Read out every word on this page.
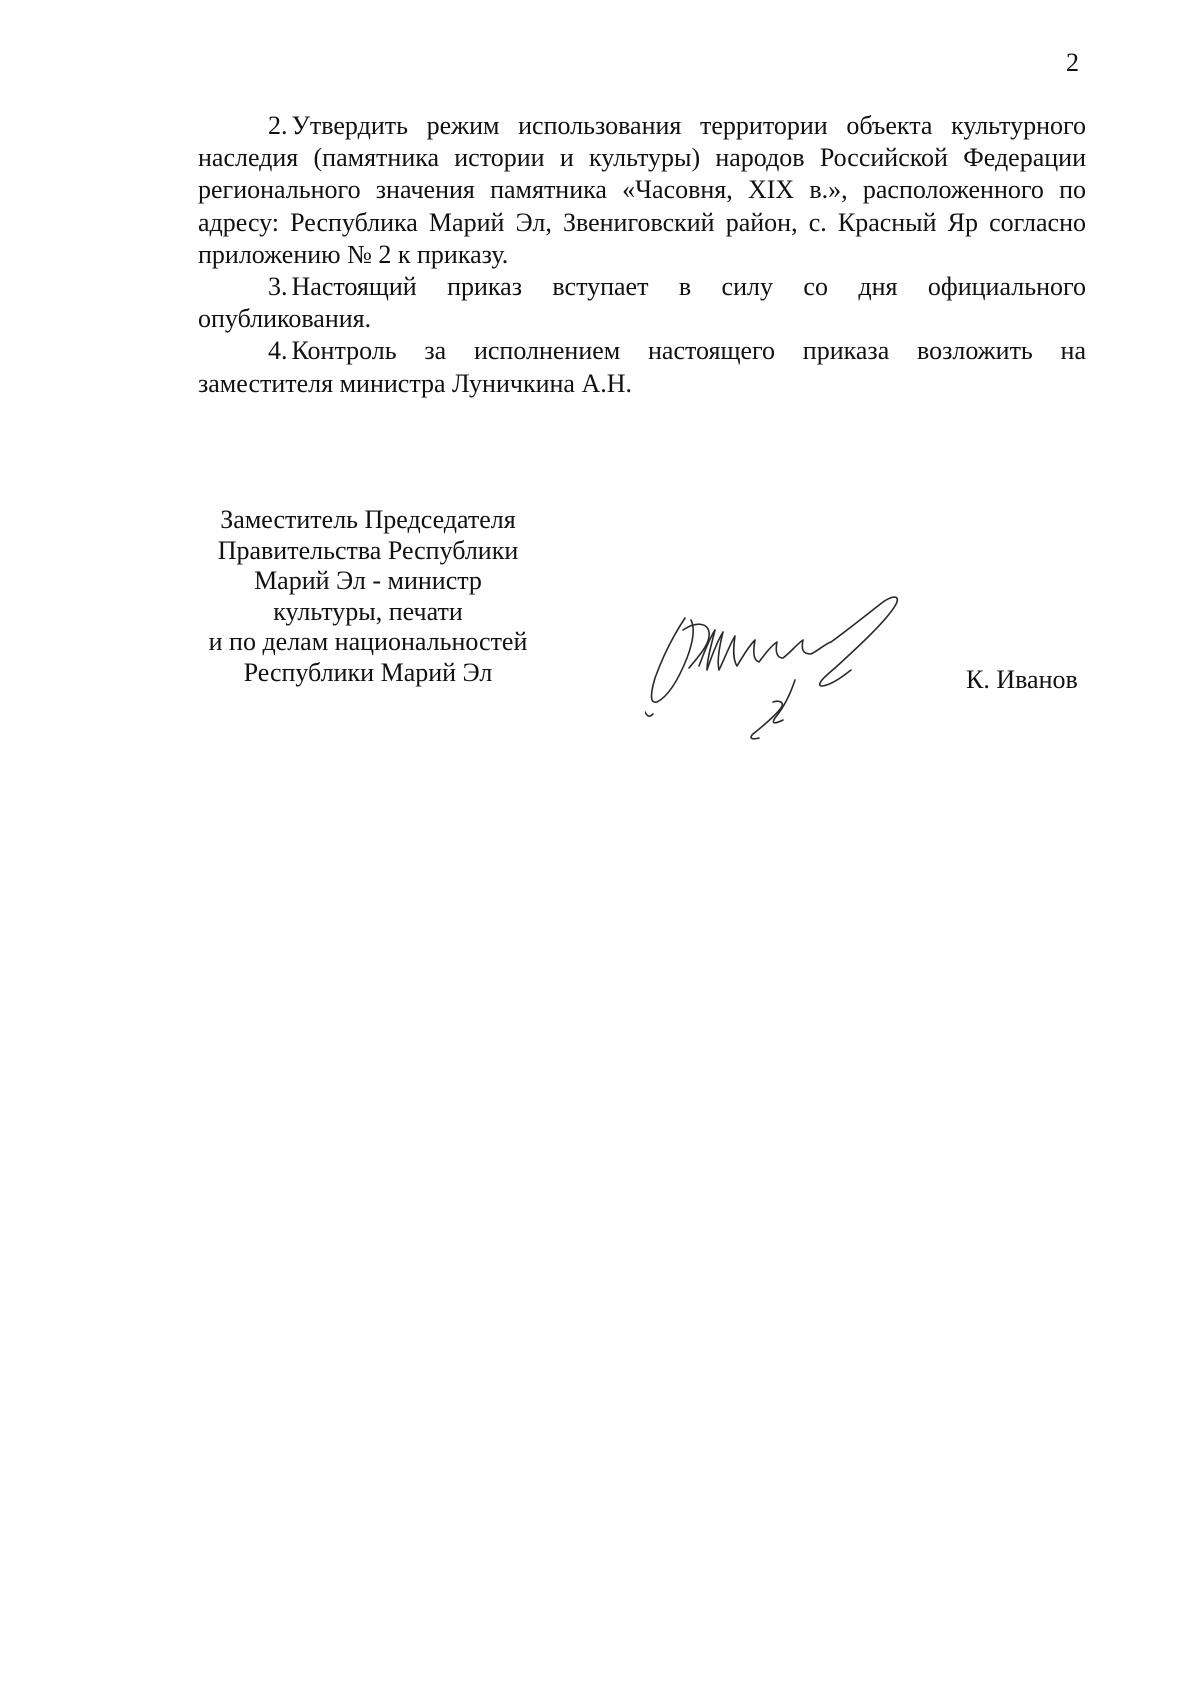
2

2. Утвердить режим использования территории объекта культурного наследия (памятника истории и культуры) народов Российской Федерации регионального значения памятника «Часовня, XIX в.», расположенного по адресу: Республика Марий Эл, Звениговский район, с. Красный Яр согласно приложению № 2 к приказу.

3. Настоящий приказ вступает в силу со дня официального опубликования.

4. Контроль за исполнением настоящего приказа возложить на заместителя министра Луничкина А.Н.

Заместитель Председателя
Правительства Республики
Марий Эл - министр
культуры, печати
и по делам национальностей
Республики Марий Эл	К. Иванов
